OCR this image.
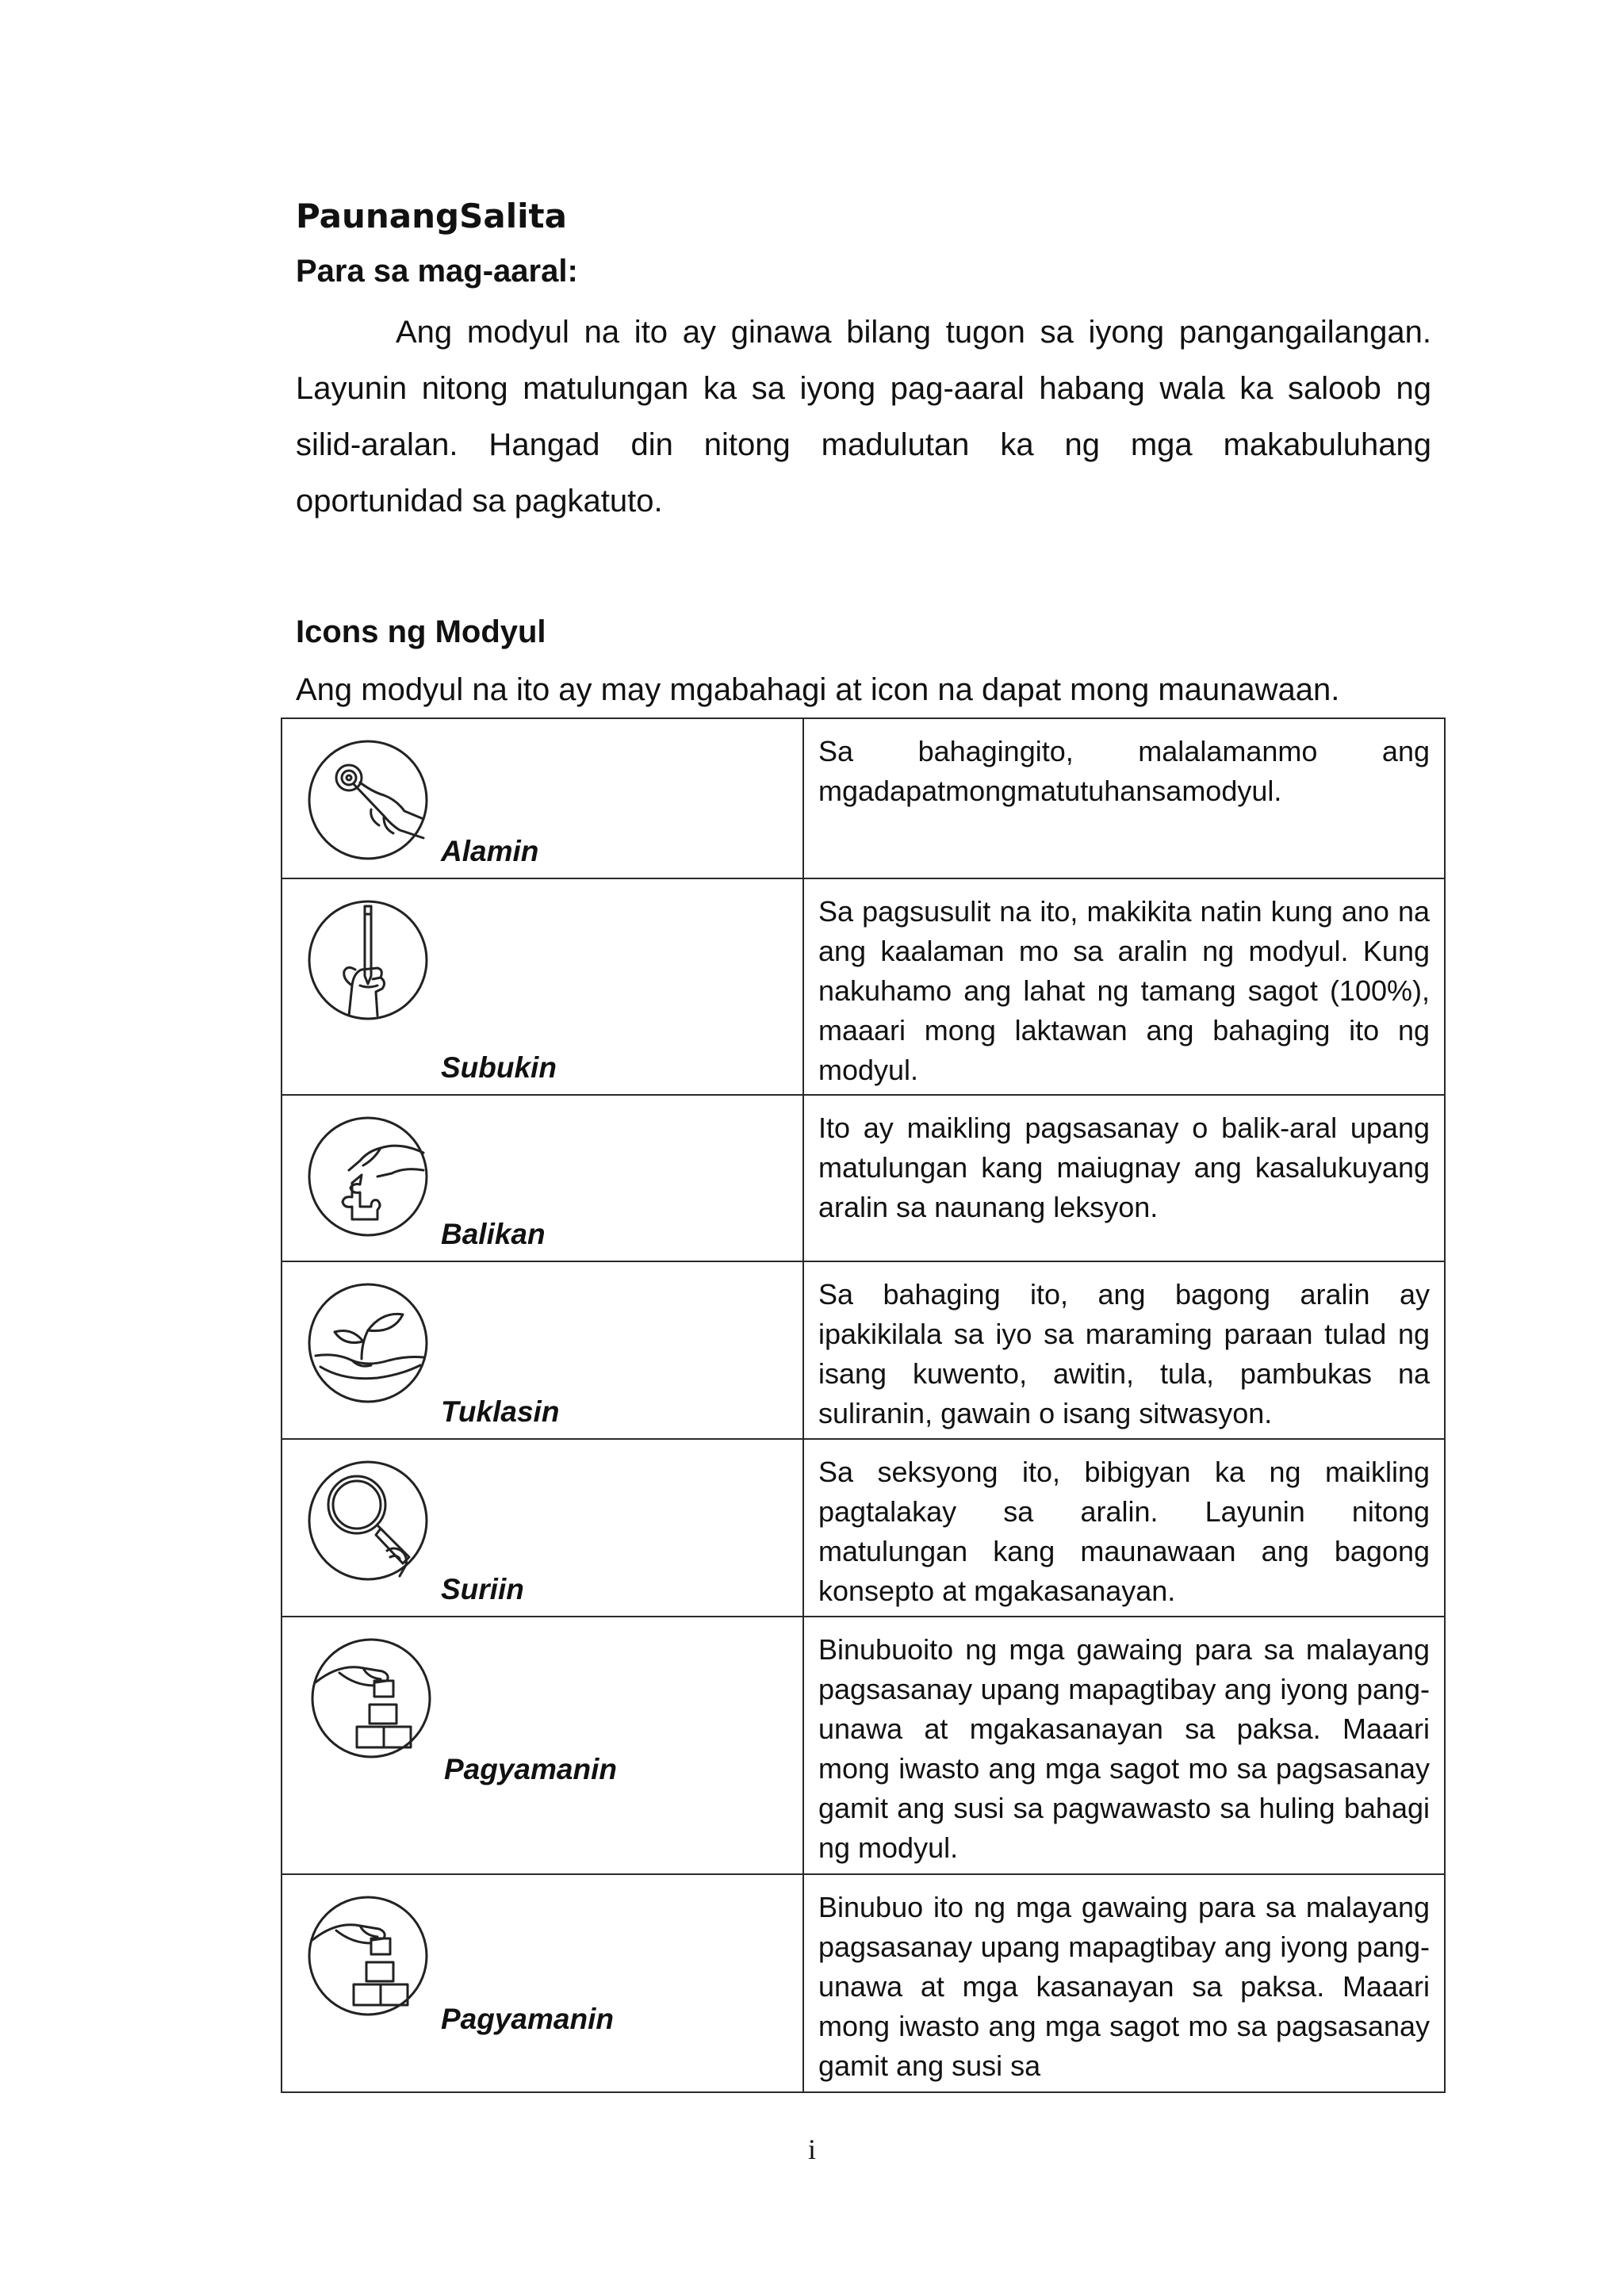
PaunangSalita
Para sa mag-aaral:

Ang modyul na ito ay ginawa bilang tugon sa iyong pangangailangan. Layunin nitong matulungan ka sa iyong pag-aaral habang wala ka saloob ng silid-aralan. Hangad din nitong madulutan ka ng mga makabuluhang oportunidad sa pagkatuto.

Icons ng Modyul
Ang modyul na ito ay may mgabahagi at icon na dapat mong maunawaan.
Alamin	Sa bahagingito, malalamanmo ang mgadapatmongmatutuhansamodyul.

Subukin	Sa pagsusulit na ito, makikita natin kung ano na ang kaalaman mo sa aralin ng modyul. Kung nakuhamo ang lahat ng tamang sagot (100%), maaari mong laktawan ang bahaging ito ng modyul.

Balikan	Ito ay maikling pagsasanay o balik-aral upang matulungan kang maiugnay ang kasalukuyang aralin sa naunang leksyon.

Tuklasin	Sa bahaging ito, ang bagong aralin ay ipakikilala sa iyo sa maraming paraan tulad ng isang kuwento, awitin, tula, pambukas na suliranin, gawain o isang sitwasyon.

Suriin	Sa seksyong ito, bibigyan ka ng maikling pagtalakay sa aralin. Layunin nitong matulungan kang maunawaan ang bagong konsepto at mgakasanayan.

Pagyamanin	Binubuoito ng mga gawaing para sa malayang pagsasanay upang mapagtibay ang iyong pang-unawa at mgakasanayan sa paksa. Maaari mong iwasto ang mga sagot mo sa pagsasanay gamit ang susi sa pagwawasto sa huling bahagi ng modyul.

Pagyamanin	Binubuo ito ng mga gawaing para sa malayang pagsasanay upang mapagtibay ang iyong pang-unawa at mga kasanayan sa paksa. Maaari mong iwasto ang mga sagot mo sa pagsasanay gamit ang susi sa
i
